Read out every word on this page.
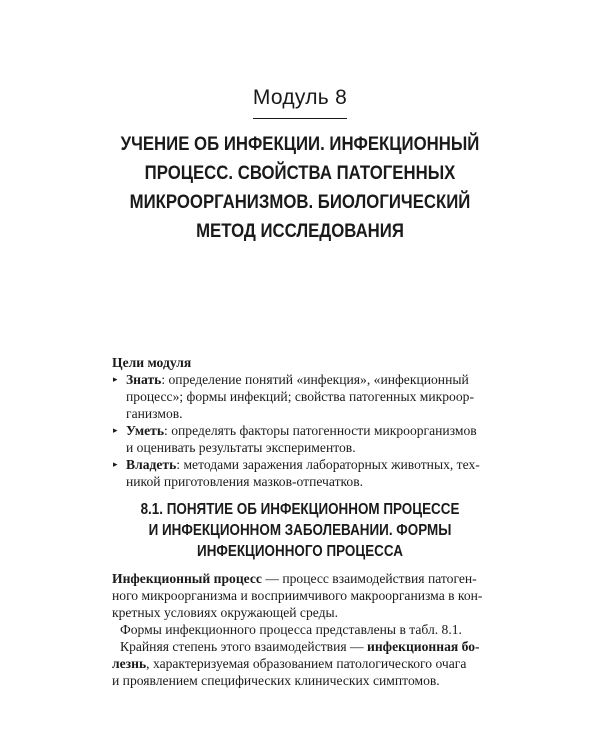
Модуль 8
УЧЕНИЕ ОБ ИНФЕКЦИИ. ИНФЕКЦИОННЫЙ
ПРОЦЕСС. СВОЙСТВА ПАТОГЕННЫХ
МИКРООРГАНИЗМОВ. БИОЛОГИЧЕСКИЙ
МЕТОД ИССЛЕДОВАНИЯ

Цели модуля

▸ Знать: определение понятий «инфекция», «инфекционный
процесс»; формы инфекций; свойства патогенных микроор-
ганизмов.
▸ Уметь: определять факторы патогенности микроорганизмов
и оценивать результаты экспериментов.
▸ Владеть: методами заражения лабораторных животных, тех-
никой приготовления мазков-отпечатков.
8.1. ПОНЯТИЕ ОБ ИНФЕКЦИОННОМ ПРОЦЕССЕ
И ИНФЕКЦИОННОМ ЗАБОЛЕВАНИИ. ФОРМЫ
ИНФЕКЦИОННОГО ПРОЦЕССА

Инфекционный процесс — процесс взаимодействия патоген-
ного микроорганизма и восприимчивого макроорганизма в кон-
кретных условиях окружающей среды.

Формы инфекционного процесса представлены в табл. 8.1.

Крайняя степень этого взаимодействия — инфекционная бо-
лезнь, характеризуемая образованием патологического очага
и проявлением специфических клинических симптомов.
